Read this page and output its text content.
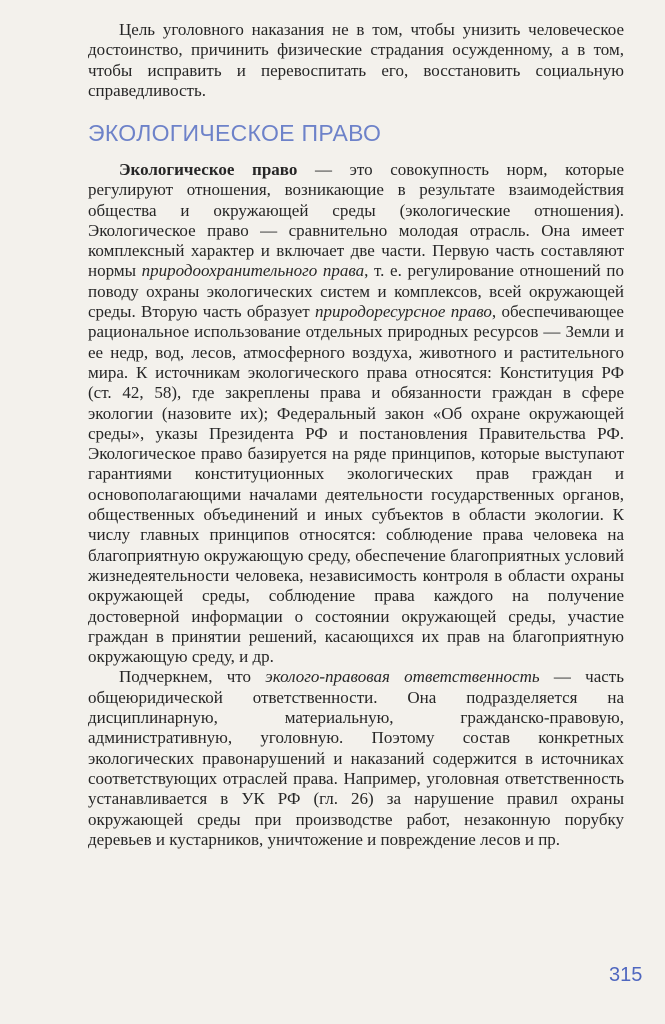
Цель уголовного наказания не в том, чтобы унизить человеческое достоинство, причинить физические страдания осужденному, а в том, чтобы исправить и перевоспитать его, восстановить социальную справедливость.

ЭКОЛОГИЧЕСКОЕ ПРАВО

Экологическое право — это совокупность норм, которые регулируют отношения, возникающие в результате взаимодействия общества и окружающей среды (экологические отношения). Экологическое право — сравнительно молодая отрасль. Она имеет комплексный характер и включает две части. Первую часть составляют нормы природоохранительного права, т. е. регулирование отношений по поводу охраны экологических систем и комплексов, всей окружающей среды. Вторую часть образует природоресурсное право, обеспечивающее рациональное использование отдельных природных ресурсов — Земли и ее недр, вод, лесов, атмосферного воздуха, животного и растительного мира. К источникам экологического права относятся: Конституция РФ (ст. 42, 58), где закреплены права и обязанности граждан в сфере экологии (назовите их); Федеральный закон «Об охране окружающей среды», указы Президента РФ и постановления Правительства РФ. Экологическое право базируется на ряде принципов, которые выступают гарантиями конституционных экологических прав граждан и основополагающими началами деятельности государственных органов, общественных объединений и иных субъектов в области экологии. К числу главных принципов относятся: соблюдение права человека на благоприятную окружающую среду, обеспечение благоприятных условий жизнедеятельности человека, независимость контроля в области охраны окружающей среды, соблюдение права каждого на получение достоверной информации о состоянии окружающей среды, участие граждан в принятии решений, касающихся их прав на благоприятную окружающую среду, и др.

Подчеркнем, что эколого-правовая ответственность — часть общеюридической ответственности. Она подразделяется на дисциплинарную, материальную, гражданско-правовую, административную, уголовную. Поэтому состав конкретных экологических правонарушений и наказаний содержится в источниках соответствующих отраслей права. Например, уголовная ответственность устанавливается в УК РФ (гл. 26) за нарушение правил охраны окружающей среды при производстве работ, незаконную порубку деревьев и кустарников, уничтожение и повреждение лесов и пр.

315
